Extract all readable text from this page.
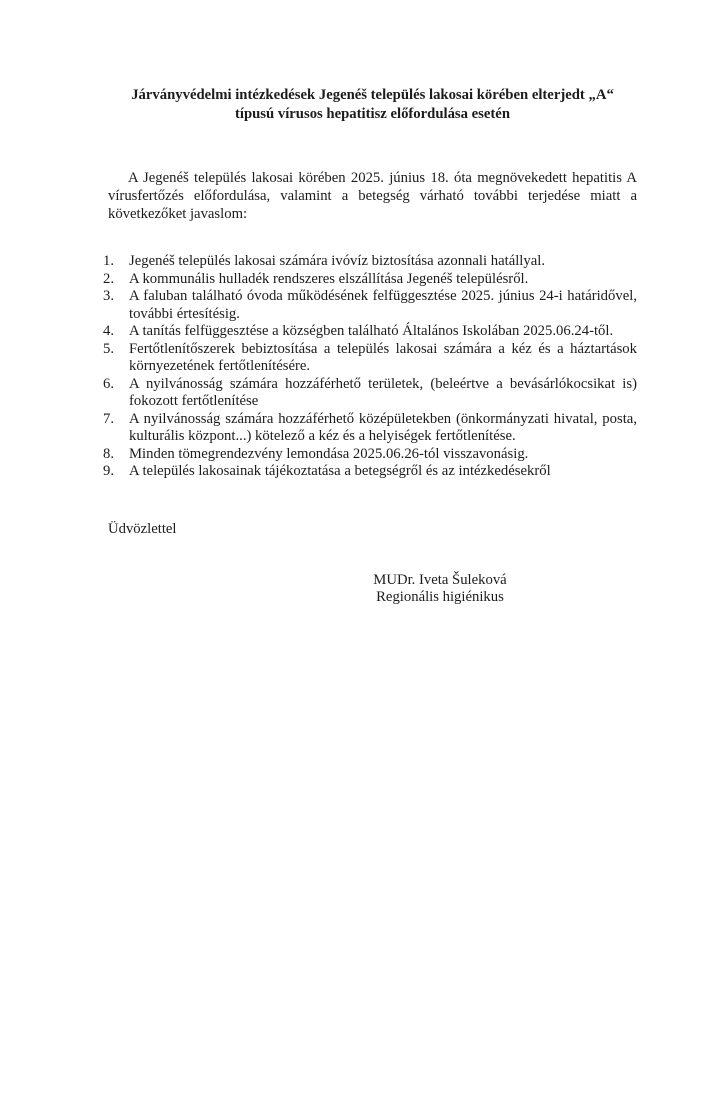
Járványvédelmi intézkedések Jegenéš település lakosai körében elterjedt „A“
típusú vírusos hepatitisz előfordulása esetén

A Jegenéš település lakosai körében 2025. június 18. óta megnövekedett hepatitis A vírusfertőzés előfordulása, valamint a betegség várható további terjedése miatt a következőket javaslom:

1. Jegenéš település lakosai számára ivóvíz biztosítása azonnali hatállyal.
2. A kommunális hulladék rendszeres elszállítása Jegenéš településről.
3. A faluban található óvoda működésének felfüggesztése 2025. június 24-i határidővel, további értesítésig.
4. A tanítás felfüggesztése a községben található Általános Iskolában 2025.06.24-től.
5. Fertőtlenítőszerek bebiztosítása a település lakosai számára a kéz és a háztartások környezetének fertőtlenítésére.
6. A nyilvánosság számára hozzáférhető területek, (beleértve a bevásárlókocsikat is) fokozott fertőtlenítése
7. A nyilvánosság számára hozzáférhető középületekben (önkormányzati hivatal, posta, kulturális központ...) kötelező a kéz és a helyiségek fertőtlenítése.
8. Minden tömegrendezvény lemondása 2025.06.26-tól visszavonásig.
9. A település lakosainak tájékoztatása a betegségről és az intézkedésekről

Üdvözlettel

MUDr. Iveta Šuleková
Regionális higiénikus
